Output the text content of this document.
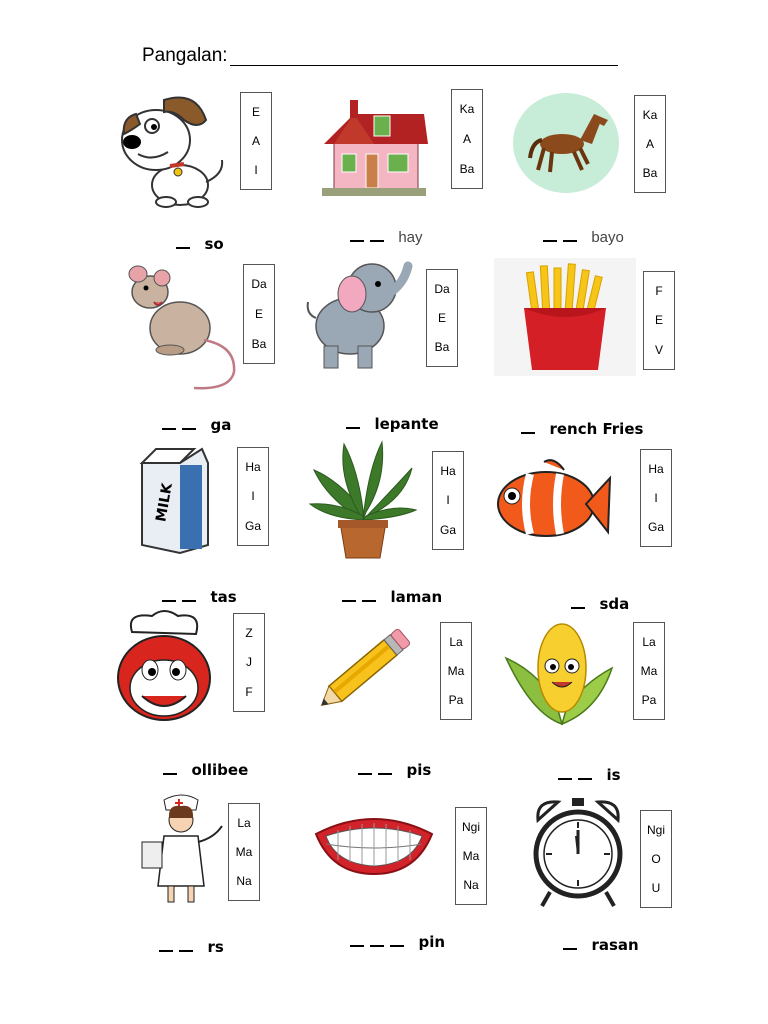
Pangalan:
E
A
I

so

Ka
A
Ba

hay

Ka
A
Ba

bayo

Da
E
Ba

ga

Da
E
Ba

lepante

F
E
V

rench Fries

MILK
Ha
I
Ga

tas

Ha
I
Ga

laman

Ha
I
Ga

sda

Z
J
F

ollibee

La
Ma
Pa

pis

La
Ma
Pa

is

La
Ma
Na

rs

Ngi
Ma
Na

pin

Ngi
O
U

rasan
